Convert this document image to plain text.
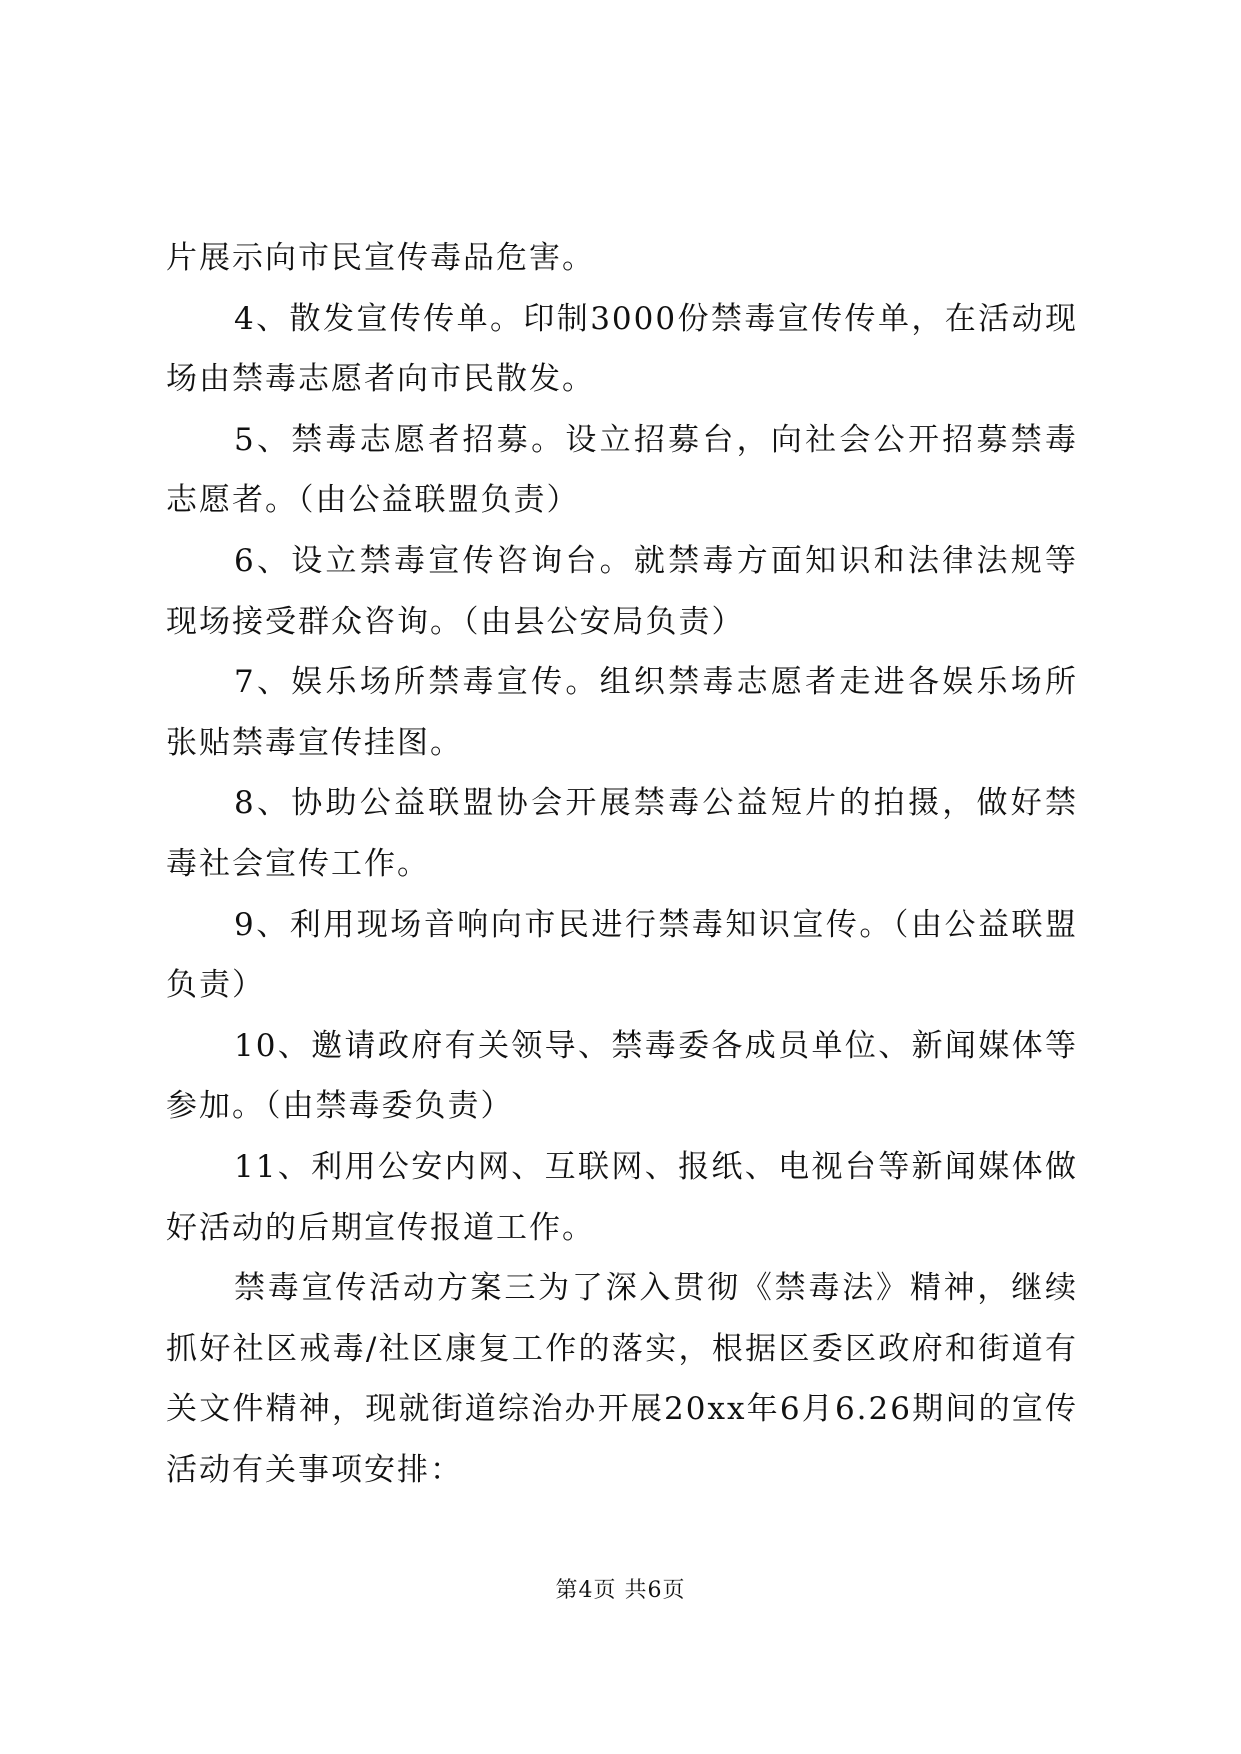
片展示向市民宣传毒品危害。

4、散发宣传传单。印制3000份禁毒宣传传单，在活动现场由禁毒志愿者向市民散发。

5、禁毒志愿者招募。设立招募台，向社会公开招募禁毒志愿者。（由公益联盟负责）

6、设立禁毒宣传咨询台。就禁毒方面知识和法律法规等现场接受群众咨询。（由县公安局负责）

7、娱乐场所禁毒宣传。组织禁毒志愿者走进各娱乐场所张贴禁毒宣传挂图。

8、协助公益联盟协会开展禁毒公益短片的拍摄，做好禁毒社会宣传工作。

9、利用现场音响向市民进行禁毒知识宣传。（由公益联盟负责）

10、邀请政府有关领导、禁毒委各成员单位、新闻媒体等参加。（由禁毒委负责）

11、利用公安内网、互联网、报纸、电视台等新闻媒体做好活动的后期宣传报道工作。

禁毒宣传活动方案三为了深入贯彻《禁毒法》精神，继续抓好社区戒毒/社区康复工作的落实，根据区委区政府和街道有关文件精神，现就街道综治办开展20xx年6月6.26期间的宣传活动有关事项安排：

第4页 共6页
